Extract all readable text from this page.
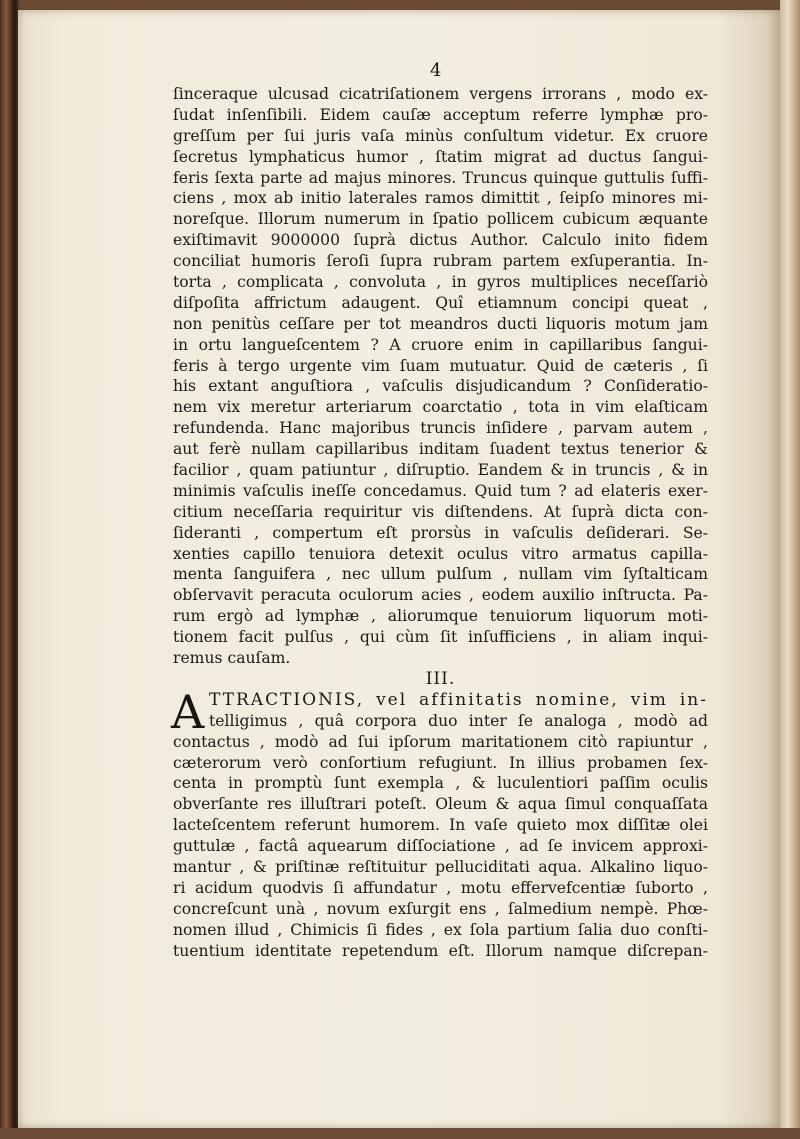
4
ſinceraque ulcusad cicatriſationem vergens irrorans , modo ex-
ſudat inſenſibili. Eidem cauſæ acceptum referre lymphæ pro-
greſſum per ſui juris vaſa minùs conſultum videtur. Ex cruore
ſecretus lymphaticus humor , ſtatim migrat ad ductus ſangui-
feris ſexta parte ad majus minores. Truncus quinque guttulis ſuffi-
ciens , mox ab initio laterales ramos dimittit , ſeipſo minores mi-
noreſque. Illorum numerum in ſpatio pollicem cubicum æquante
exiſtimavit 9000000 ſuprà dictus Author. Calculo inito fidem
conciliat humoris ſeroſi ſupra rubram partem exſuperantia. In-
torta , complicata , convoluta , in gyros multiplices neceſſariò
diſpoſita affrictum adaugent. Quî etiamnum concipi queat ,
non penitùs ceſſare per tot meandros ducti liquoris motum jam
in ortu langueſcentem ? A cruore enim in capillaribus ſangui-
feris à tergo urgente vim ſuam mutuatur. Quid de cæteris , ſi
his extant anguſtiora , vaſculis disjudicandum ? Conſideratio-
nem vix meretur arteriarum coarctatio , tota in vim elaſticam
refundenda. Hanc majoribus truncis inſidere , parvam autem ,
aut ferè nullam capillaribus inditam ſuadent textus tenerior &
facilior , quam patiuntur , diſruptio. Eandem & in truncis , & in
minimis vaſculis ineſſe concedamus. Quid tum ? ad elateris exer-
citium neceſſaria requiritur vis diſtendens. At ſuprà dicta con-
ſideranti , compertum eſt prorsùs in vaſculis deſiderari. Se-
xenties capillo tenuiora detexit oculus vitro armatus capilla-
menta ſanguifera , nec ullum pulſum , nullam vim ſyſtalticam
obſervavit peracuta oculorum acies , eodem auxilio inſtructa. Pa-
rum ergò ad lymphæ , aliorumque tenuiorum liquorum moti-
tionem facit pulſus , qui cùm ſit inſufficiens , in aliam inqui-
remus cauſam.
III.
A TTRACTIONIS, vel affinitatis nomine, vim in-
telligimus , quâ corpora duo inter ſe analoga , modò ad
contactus , modò ad ſui ipſorum maritationem citò rapiuntur ,
cæterorum verò conſortium refugiunt. In illius probamen ſex-
centa in promptù ſunt exempla , & luculentiori paſſim oculis
obverſante res illuſtrari poteſt. Oleum & aqua ſimul conquaſſata
lacteſcentem referunt humorem. In vaſe quieto mox diſſitæ olei
guttulæ , factâ aquearum diſſociatione , ad ſe invicem approxi-
mantur , & priſtinæ reſtituitur pelluciditati aqua. Alkalino liquo-
ri acidum quodvis ſi affundatur , motu effervefcentiæ ſuborto ,
concreſcunt unà , novum exſurgit ens , ſalmedium nempè. Phœ-
nomen illud , Chimicis ſi fides , ex ſola partium ſalia duo conſti-
tuentium identitate repetendum eſt. Illorum namque diſcrepan-
